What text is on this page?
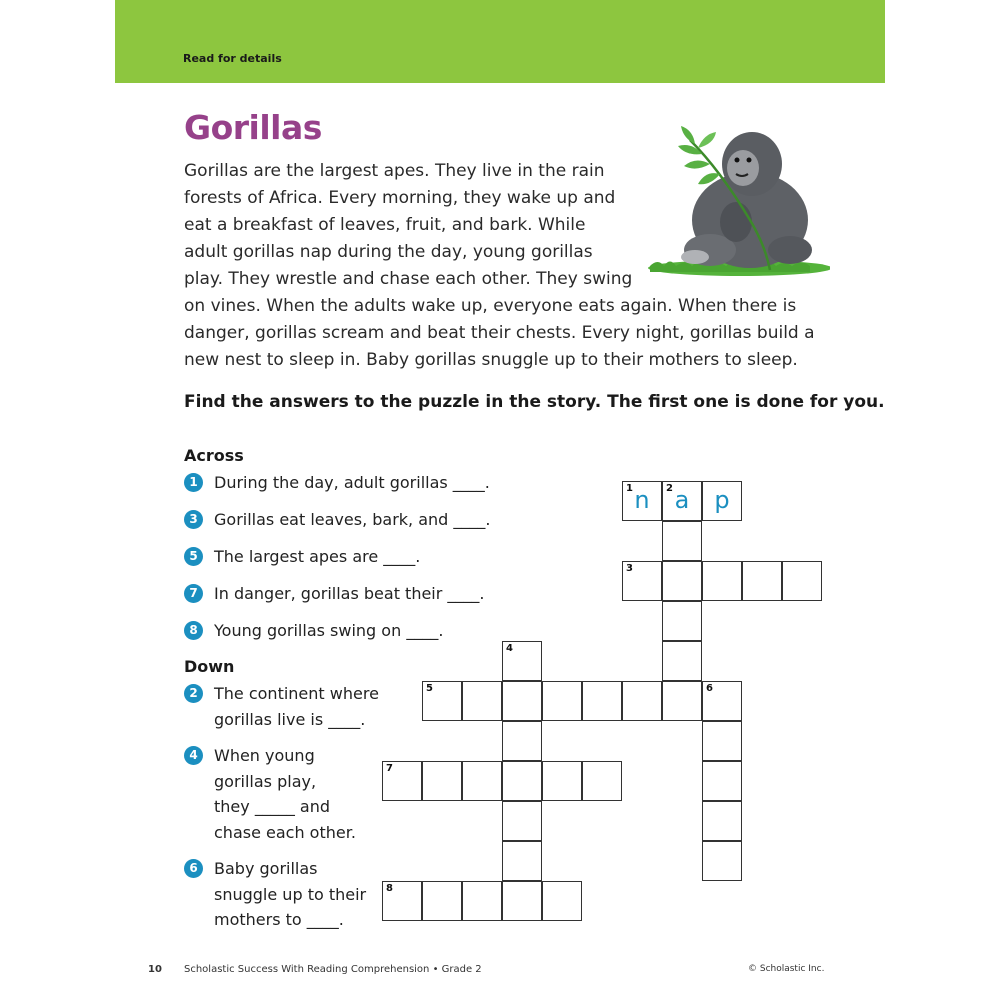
Read for details
Gorillas
Gorillas are the largest apes. They live in the rain
forests of Africa. Every morning, they wake up and
eat a breakfast of leaves, fruit, and bark. While
adult gorillas nap during the day, young gorillas
play. They wrestle and chase each other. They swing
on vines. When the adults wake up, everyone eats again. When there is
danger, gorillas scream and beat their chests. Every night, gorillas build a
new nest to sleep in. Baby gorillas snuggle up to their mothers to sleep.
Find the answers to the puzzle in the story. The first one is done for you.
Across
1	During the day, adult gorillas ____.
3	Gorillas eat leaves, bark, and ____.
5	The largest apes are ____.
7	In danger, gorillas beat their ____.
8	Young gorillas swing on ____.
Down
2	The continent where
gorillas live is ____.
4	When young
gorillas play,
they _____ and
chase each other.
6	Baby gorillas
snuggle up to their
mothers to ____.
1 n	2 a	p
3
4
5	6
7
8
10 Scholastic Success With Reading Comprehension • Grade 2	© Scholastic Inc.
